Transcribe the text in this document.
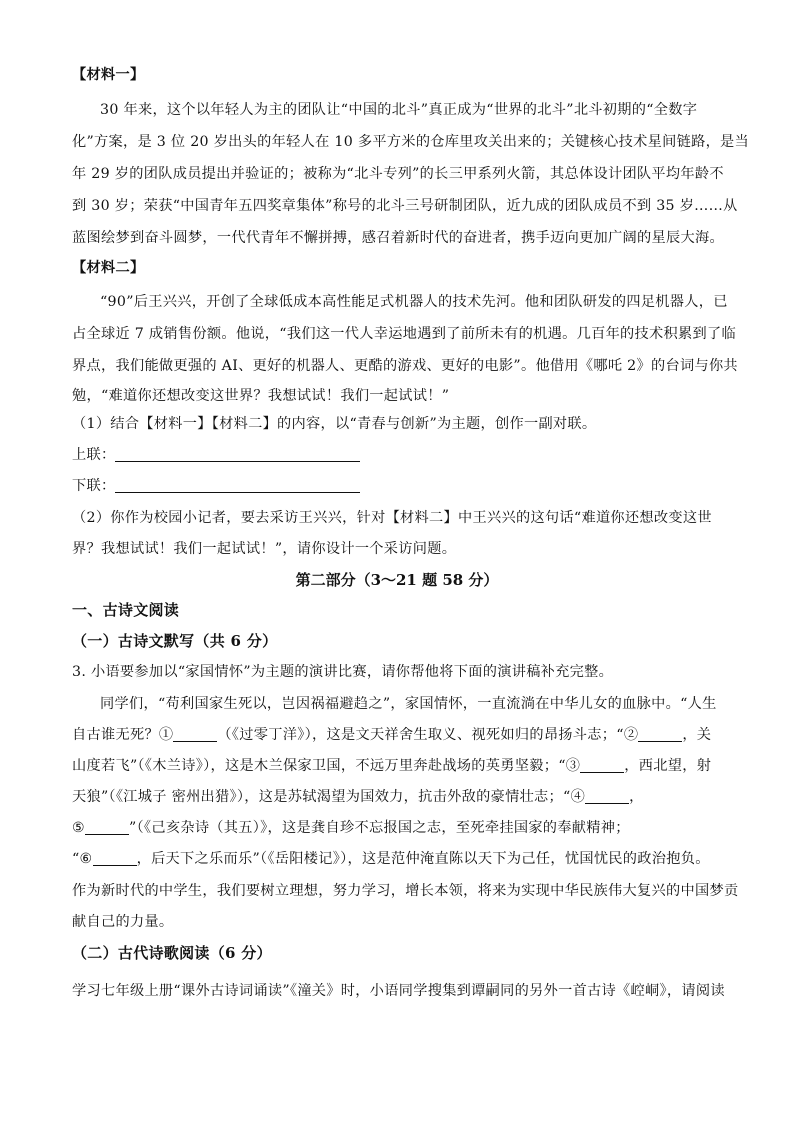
【材料一】
30 年来，这个以年轻人为主的团队让“中国的北斗”真正成为“世界的北斗”北斗初期的“全数字
化”方案，是 3 位 20 岁出头的年轻人在 10 多平方米的仓库里攻关出来的；关键核心技术星间链路，是当
年 29 岁的团队成员提出并验证的；被称为“北斗专列”的长三甲系列火箭，其总体设计团队平均年龄不
到 30 岁；荣获“中国青年五四奖章集体”称号的北斗三号研制团队，近九成的团队成员不到 35 岁……从
蓝图绘梦到奋斗圆梦，一代代青年不懈拼搏，感召着新时代的奋进者，携手迈向更加广阔的星辰大海。
【材料二】
“90”后王兴兴，开创了全球低成本高性能足式机器人的技术先河。他和团队研发的四足机器人，已
占全球近 7 成销售份额。他说，“我们这一代人幸运地遇到了前所未有的机遇。几百年的技术积累到了临
界点，我们能做更强的 AI、更好的机器人、更酷的游戏、更好的电影”。他借用《哪吒 2》的台词与你共
勉，“难道你还想改变这世界？我想试试！我们一起试试！”
（1）结合【材料一】【材料二】的内容，以“青春与创新”为主题，创作一副对联。
上联：
下联：
（2）你作为校园小记者，要去采访王兴兴，针对【材料二】中王兴兴的这句话“难道你还想改变这世
界？我想试试！我们一起试试！”，请你设计一个采访问题。
第二部分（3～21 题 58 分）
一、古诗文阅读
（一）古诗文默写（共 6 分）
3. 小语要参加以“家国情怀”为主题的演讲比赛，请你帮他将下面的演讲稿补充完整。
同学们，“苟利国家生死以，岂因祸福避趋之”，家国情怀，一直流淌在中华儿女的血脉中。“人生
自古谁无死？①	（《过零丁洋》），这是文天祥舍生取义、视死如归的昂扬斗志；“②	，关
山度若飞”（《木兰诗》），这是木兰保家卫国，不远万里奔赴战场的英勇坚毅；“③	，西北望，射
天狼”（《江城子 密州出猎》），这是苏轼渴望为国效力，抗击外敌的豪情壮志；“④	，
⑤	”（《己亥杂诗（其五）》，这是龚自珍不忘报国之志，至死牵挂国家的奉献精神；
“⑥	，后天下之乐而乐”（《岳阳楼记》），这是范仲淹直陈以天下为己任，忧国忧民的政治抱负。
作为新时代的中学生，我们要树立理想，努力学习，增长本领，将来为实现中华民族伟大复兴的中国梦贡
献自己的力量。
（二）古代诗歌阅读（6 分）
学习七年级上册“课外古诗词诵读”《潼关》时，小语同学搜集到谭嗣同的另外一首古诗《崆峒》，请阅读
